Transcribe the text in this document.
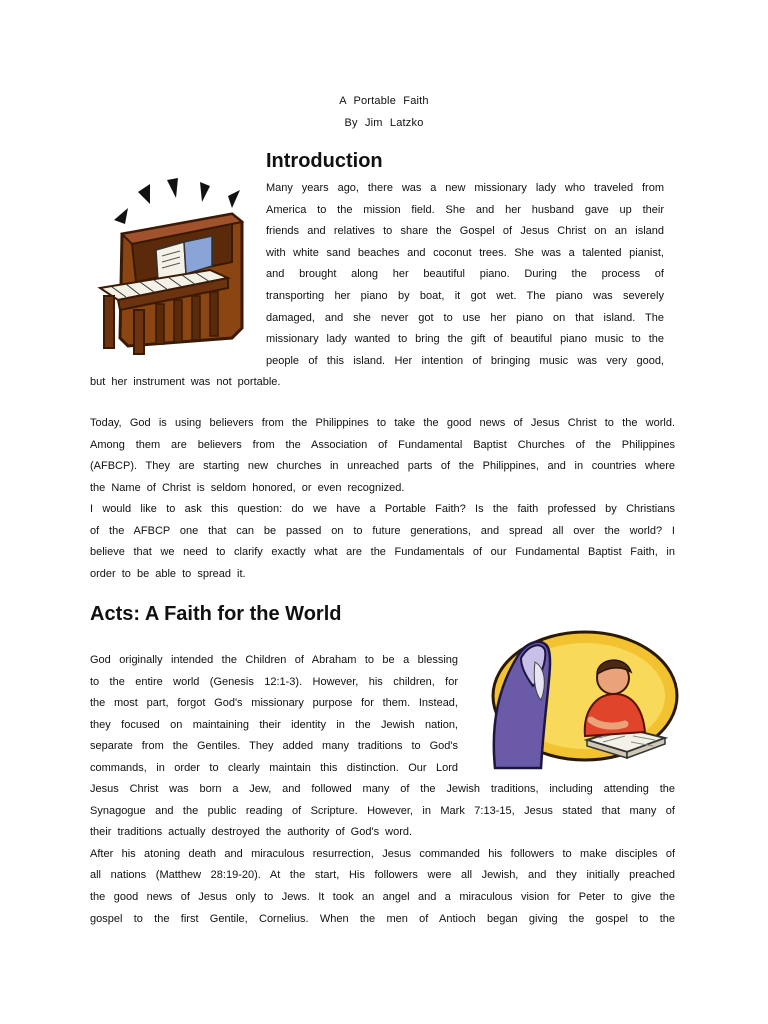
A Portable Faith
By Jim Latzko
Introduction
Many years ago, there was a new missionary lady who traveled from
America to the mission field. She and her husband gave up their
friends and relatives to share the Gospel of Jesus Christ on an island
with white sand beaches and coconut trees. She was a talented pianist,
and brought along her beautiful piano. During the process of
transporting her piano by boat, it got wet. The piano was severely
damaged, and she never got to use her piano on that island. The
missionary lady wanted to bring the gift of beautiful piano music to the
people of this island. Her intention of bringing music was very good,
but her instrument was not portable.
Today, God is using believers from the Philippines to take the good news of Jesus Christ to the world.
Among them are believers from the Association of Fundamental Baptist Churches of the Philippines
(AFBCP). They are starting new churches in unreached parts of the Philippines, and in countries where
the Name of Christ is seldom honored, or even recognized.
I would like to ask this question: do we have a Portable Faith? Is the faith professed by Christians
of the AFBCP one that can be passed on to future generations, and spread all over the world? I
believe that we need to clarify exactly what are the Fundamentals of our Fundamental Baptist Faith, in
order to be able to spread it.
Acts: A Faith for the World
God originally intended the Children of Abraham to be a blessing
to the entire world (Genesis 12:1-3). However, his children, for
the most part, forgot God's missionary purpose for them. Instead,
they focused on maintaining their identity in the Jewish nation,
separate from the Gentiles. They added many traditions to God's
commands, in order to clearly maintain this distinction. Our Lord
Jesus Christ was born a Jew, and followed many of the Jewish traditions, including attending the
Synagogue and the public reading of Scripture. However, in Mark 7:13-15, Jesus stated that many of
their traditions actually destroyed the authority of God's word.
After his atoning death and miraculous resurrection, Jesus commanded his followers to make disciples of
all nations (Matthew 28:19-20). At the start, His followers were all Jewish, and they initially preached
the good news of Jesus only to Jews. It took an angel and a miraculous vision for Peter to give the
gospel to the first Gentile, Cornelius. When the men of Antioch began giving the gospel to the
